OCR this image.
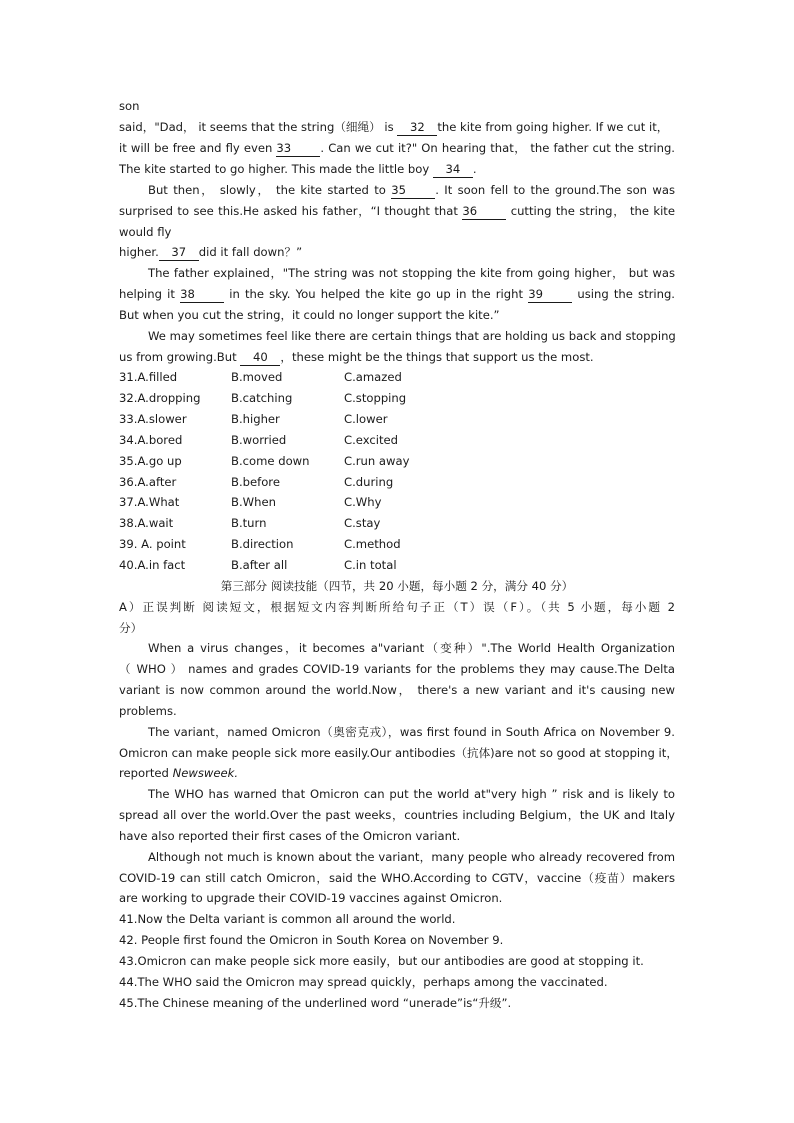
son
said，"Dad， it seems that the string（细绳） is 32 the kite from going higher. If we cut it，
it will be free and fly even 33	. Can we cut it?" On hearing that， the father cut the string.
The kite started to go higher. This made the little boy 34 .
But then， slowly， the kite started to 35	. It soon fell to the ground.The son was
surprised to see this.He asked his father，“I thought that 36	cutting the string， the kite
would fly
higher. 37 did it fall down？”
The father explained，"The string was not stopping the kite from going higher， but was
helping it 38	in the sky. You helped the kite go up in the right 39	using the string.
But when you cut the string，it could no longer support the kite.”
We may sometimes feel like there are certain things that are holding us back and stopping
us from growing.But 40 ，these might be the things that support us the most.
31.A.filled	B.moved	C.amazed
32.A.dropping	B.catching	C.stopping
33.A.slower	B.higher	C.lower
34.A.bored	B.worried	C.excited
35.A.go up	B.come down	C.run away
36.A.after	B.before	C.during
37.A.What	B.When	C.Why
38.A.wait	B.turn	C.stay
39. A. point	B.direction	C.method
40.A.in fact	B.after all	C.in total
第三部分 阅读技能（四节，共 20 小题，每小题 2 分，满分 40 分）
A）正误判断 阅读短文，根据短文内容判断所给句子正（T）误（F）。（共 5 小题，每小题 2
分）
When a virus changes，it becomes a"variant（变种）".The World Health Organization
（ WHO ） names and grades COVID-19 variants for the problems they may cause.The Delta
variant is now common around the world.Now， there's a new variant and it's causing new
problems.
The variant，named Omicron（奥密克戎），was first found in South Africa on November 9.
Omicron can make people sick more easily.Our antibodies（抗体)are not so good at stopping it，
reported Newsweek.
The WHO has warned that Omicron can put the world at"very high ” risk and is likely to
spread all over the world.Over the past weeks，countries including Belgium，the UK and Italy
have also reported their first cases of the Omicron variant.
Although not much is known about the variant，many people who already recovered from
COVID-19 can still catch Omicron，said the WHO.According to CGTV，vaccine（疫苗）makers
are working to upgrade their COVID-19 vaccines against Omicron.
41.Now the Delta variant is common all around the world.
42. People first found the Omicron in South Korea on November 9.
43.Omicron can make people sick more easily，but our antibodies are good at stopping it.
44.The WHO said the Omicron may spread quickly，perhaps among the vaccinated.
45.The Chinese meaning of the underlined word “unerade”is“升级”.
